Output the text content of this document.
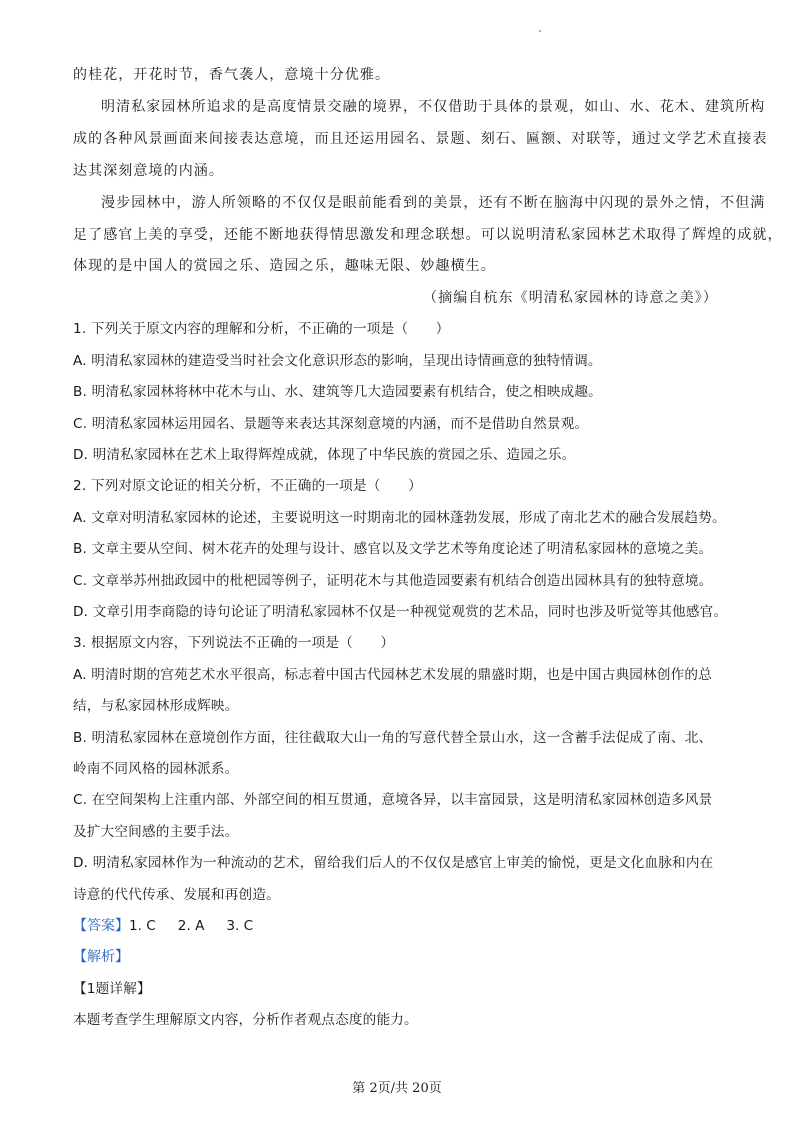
的桂花，开花时节，香气袭人，意境十分优雅。
明清私家园林所追求的是高度情景交融的境界，不仅借助于具体的景观，如山、水、花木、建筑所构
成的各种风景画面来间接表达意境，而且还运用园名、景题、刻石、匾额、对联等，通过文学艺术直接表
达其深刻意境的内涵。
漫步园林中，游人所领略的不仅仅是眼前能看到的美景，还有不断在脑海中闪现的景外之情，不但满
足了感官上美的享受，还能不断地获得情思激发和理念联想。可以说明清私家园林艺术取得了辉煌的成就，
体现的是中国人的赏园之乐、造园之乐，趣味无限、妙趣横生。
（摘编自杭东《明清私家园林的诗意之美》）
1. 下列关于原文内容的理解和分析，不正确的一项是（　　）
A. 明清私家园林的建造受当时社会文化意识形态的影响，呈现出诗情画意的独特情调。
B. 明清私家园林将林中花木与山、水、建筑等几大造园要素有机结合，使之相映成趣。
C. 明清私家园林运用园名、景题等来表达其深刻意境的内涵，而不是借助自然景观。
D. 明清私家园林在艺术上取得辉煌成就，体现了中华民族的赏园之乐、造园之乐。
2. 下列对原文论证的相关分析，不正确的一项是（　　）
A. 文章对明清私家园林的论述，主要说明这一时期南北的园林蓬勃发展，形成了南北艺术的融合发展趋势。
B. 文章主要从空间、树木花卉的处理与设计、感官以及文学艺术等角度论述了明清私家园林的意境之美。
C. 文章举苏州拙政园中的枇杷园等例子，证明花木与其他造园要素有机结合创造出园林具有的独特意境。
D. 文章引用李商隐的诗句论证了明清私家园林不仅是一种视觉观赏的艺术品，同时也涉及听觉等其他感官。
3. 根据原文内容，下列说法不正确的一项是（　　）
A. 明清时期的宫苑艺术水平很高，标志着中国古代园林艺术发展的鼎盛时期，也是中国古典园林创作的总
结，与私家园林形成辉映。
B. 明清私家园林在意境创作方面，往往截取大山一角的写意代替全景山水，这一含蓄手法促成了南、北、
岭南不同风格的园林派系。
C. 在空间架构上注重内部、外部空间的相互贯通，意境各异，以丰富园景，这是明清私家园林创造多风景
及扩大空间感的主要手法。
D. 明清私家园林作为一种流动的艺术，留给我们后人的不仅仅是感官上审美的愉悦，更是文化血脉和内在
诗意的代代传承、发展和再创造。
【答案】1. C 2. A 3. C
【解析】
【1题详解】
本题考查学生理解原文内容，分析作者观点态度的能力。
第 2页/共 20页
